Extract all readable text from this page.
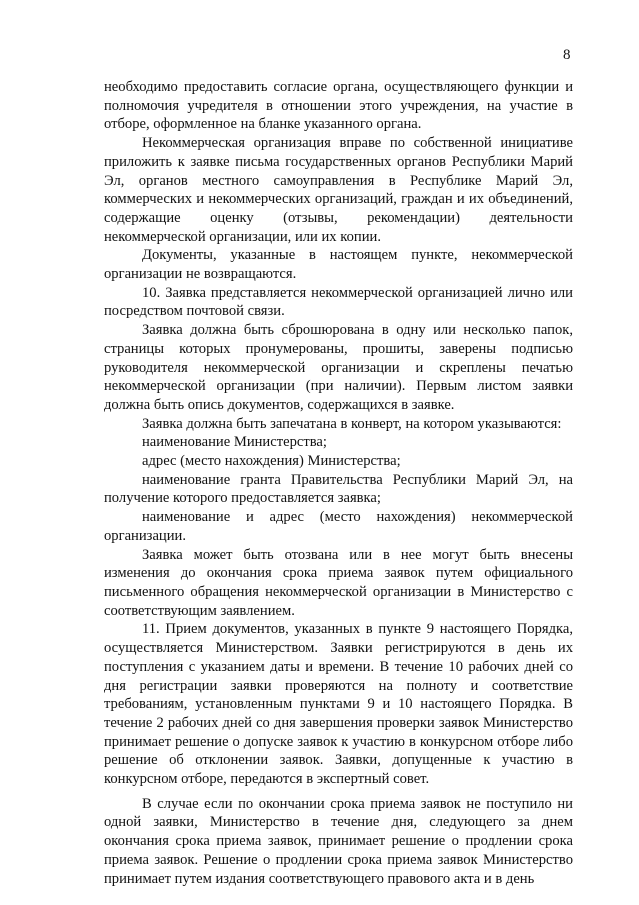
8

необходимо предоставить согласие органа, осуществляющего функции и полномочия учредителя в отношении этого учреждения, на участие в отборе, оформленное на бланке указанного органа.

Некоммерческая организация вправе по собственной инициативе приложить к заявке письма государственных органов Республики Марий Эл, органов местного самоуправления в Республике Марий Эл, коммерческих и некоммерческих организаций, граждан и их объединений, содержащие оценку (отзывы, рекомендации) деятельности некоммерческой организации, или их копии.

Документы, указанные в настоящем пункте, некоммерческой организации не возвращаются.

10. Заявка представляется некоммерческой организацией лично или посредством почтовой связи.

Заявка должна быть сброшюрована в одну или несколько папок, страницы которых пронумерованы, прошиты, заверены подписью руководителя некоммерческой организации и скреплены печатью некоммерческой организации (при наличии). Первым листом заявки должна быть опись документов, содержащихся в заявке.

Заявка должна быть запечатана в конверт, на котором указываются:

наименование Министерства;

адрес (место нахождения) Министерства;

наименование гранта Правительства Республики Марий Эл, на получение которого предоставляется заявка;

наименование и адрес (место нахождения) некоммерческой организации.

Заявка может быть отозвана или в нее могут быть внесены изменения до окончания срока приема заявок путем официального письменного обращения некоммерческой организации в Министерство с соответствующим заявлением.

11. Прием документов, указанных в пункте 9 настоящего Порядка, осуществляется Министерством. Заявки регистрируются в день их поступления с указанием даты и времени. В течение 10 рабочих дней со дня регистрации заявки проверяются на полноту и соответствие требованиям, установленным пунктами 9 и 10 настоящего Порядка. В течение 2 рабочих дней со дня завершения проверки заявок Министерство принимает решение о допуске заявок к участию в конкурсном отборе либо решение об отклонении заявок. Заявки, допущенные к участию в конкурсном отборе, передаются в экспертный совет.

В случае если по окончании срока приема заявок не поступило ни одной заявки, Министерство в течение дня, следующего за днем окончания срока приема заявок, принимает решение о продлении срока приема заявок. Решение о продлении срока приема заявок Министерство принимает путем издания соответствующего правового акта и в день
